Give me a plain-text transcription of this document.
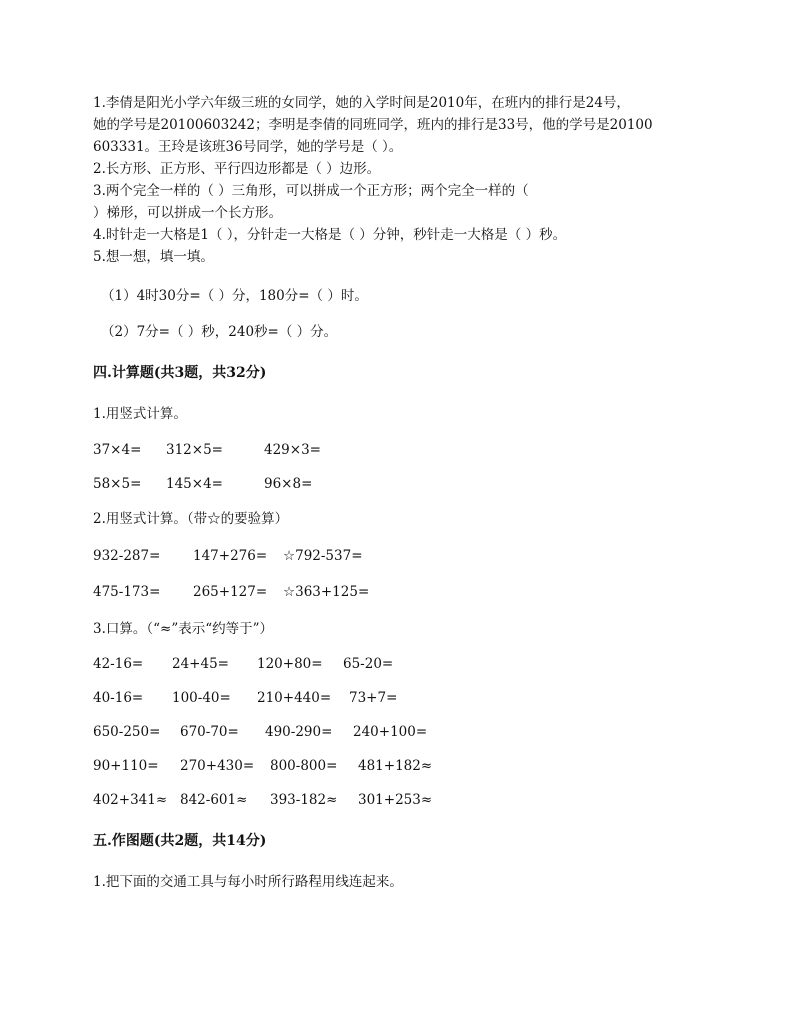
1.李倩是阳光小学六年级三班的女同学，她的入学时间是2010年，在班内的排行是24号，
她的学号是20100603242；李明是李倩的同班同学，班内的排行是33号，他的学号是20100
603331。王玲是该班36号同学，她的学号是（ ）。
2.长方形、正方形、平行四边形都是（ ）边形。
3.两个完全一样的（ ）三角形，可以拼成一个正方形；两个完全一样的（
）梯形，可以拼成一个长方形。
4.时针走一大格是1（ ），分针走一大格是（ ）分钟，秒针走一大格是（ ）秒。
5.想一想，填一填。
（1）4时30分=（ ）分，180分=（ ）时。
（2）7分=（ ）秒，240秒=（ ）分。
四.计算题(共3题，共32分)
1.用竖式计算。
37×4= 312×5=	429×3=
58×5= 145×4=	96×8=
2.用竖式计算。（带☆的要验算）
932-287= 147+276= ☆792-537=
475-173= 265+127= ☆363+125=
3.口算。（“≈”表示“约等于”）
42-16= 24+45= 120+80= 65-20=
40-16= 100-40= 210+440= 73+7=
650-250= 670-70= 490-290= 240+100=
90+110= 270+430= 800-800= 481+182≈
402+341≈ 842-601≈ 393-182≈ 301+253≈
五.作图题(共2题，共14分)
1.把下面的交通工具与每小时所行路程用线连起来。
